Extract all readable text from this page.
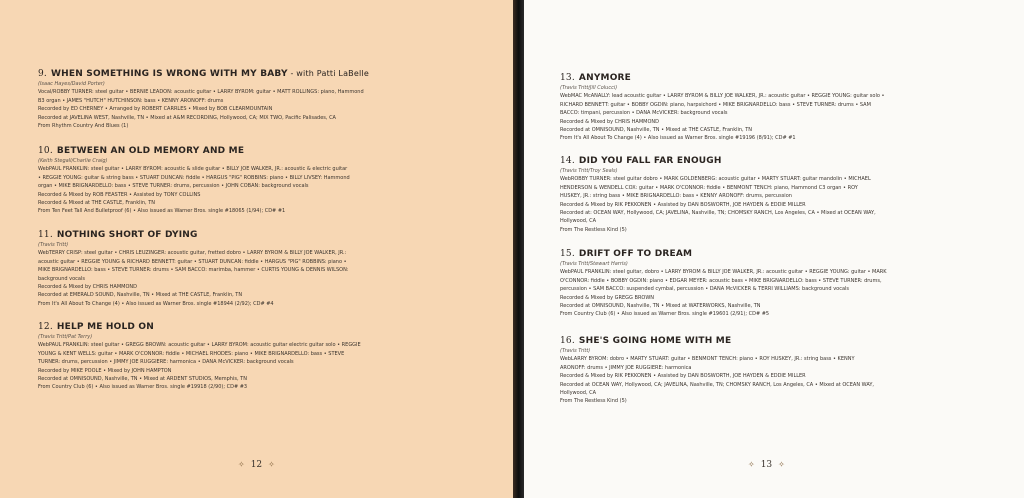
9. WHEN SOMETHING IS WRONG WITH MY BABY - with Patti LaBelle
(Isaac Hayes/David Porter)
Vocal/ROBBY TURNER: steel guitar • BERNIE LEADON: acoustic guitar • LARRY BYROM: guitar • MATT ROLLINGS: piano, Hammond
B3 organ • JAMES "HUTCH" HUTCHINSON: bass • KENNY ARONOFF: drums
Recorded by ED CHERNEY • Arranged by ROBERT CARRLES • Mixed by BOB CLEARMOUNTAIN
Recorded at JAVELINA WEST, Nashville, TN • Mixed at A&M RECORDING, Hollywood, CA; MIX TWO, Pacific Palisades, CA
From Rhythm Country And Blues (1)
10. BETWEEN AN OLD MEMORY AND ME
(Keith Stegall/Charlie Craig)
WebPAUL FRANKLIN: steel guitar • LARRY BYROM: acoustic & slide guitar • BILLY JOE WALKER, JR.: acoustic & electric guitar
• REGGIE YOUNG: guitar & string bass • STUART DUNCAN: fiddle • HARGUS "PIG" ROBBINS: piano • BILLY LIVSEY: Hammond
organ • MIKE BRIGNARDELLO: bass • STEVE TURNER: drums, percussion • JOHN COBAN: background vocals
Recorded & Mixed by ROB FEASTER • Assisted by TONY COLLINS
Recorded & Mixed at THE CASTLE, Franklin, TN
From Ten Feet Tall And Bulletproof (6) • Also issued as Warner Bros. single #18065 (1/94); CD# #1
11. NOTHING SHORT OF DYING
(Travis Tritt)
WebTERRY CRISP: steel guitar • CHRIS LEUZINGER: acoustic guitar, fretted dobro • LARRY BYROM & BILLY JOE WALKER, JR.:
acoustic guitar • REGGIE YOUNG & RICHARD BENNETT: guitar • STUART DUNCAN: fiddle • HARGUS "PIG" ROBBINS: piano •
MIKE BRIGNARDELLO: bass • STEVE TURNER: drums • SAM BACCO: marimba, hammer • CURTIS YOUNG & DENNIS WILSON:
background vocals
Recorded & Mixed by CHRIS HAMMOND
Recorded at EMERALD SOUND, Nashville, TN • Mixed at THE CASTLE, Franklin, TN
From It's All About To Change (4) • Also issued as Warner Bros. single #18944 (2/92); CD# #4
12. HELP ME HOLD ON
(Travis Tritt/Pat Terry)
WebPAUL FRANKLIN: steel guitar • GREGG BROWN: acoustic guitar • LARRY BYROM: acoustic guitar electric guitar solo • REGGIE
YOUNG & KENT WELLS: guitar • MARK O'CONNOR: fiddle • MICHAEL RHODES: piano • MIKE BRIGNARDELLO: bass • STEVE
TURNER: drums, percussion • JIMMY JOE RUGGIERE: harmonica • DANA McVICKER: background vocals
Recorded by MIKE POOLE • Mixed by JOHN HAMPTON
Recorded at OMNISOUND, Nashville, TN • Mixed at ARDENT STUDIOS, Memphis, TN
From Country Club (6) • Also issued as Warner Bros. single #19918 (2/90); CD# #3
✧ 12 ✧
13. ANYMORE
(Travis Tritt/Jill Colucci)
WebMAC McANALLY: lead acoustic guitar • LARRY BYROM & BILLY JOE WALKER, JR.: acoustic guitar • REGGIE YOUNG: guitar solo •
RICHARD BENNETT: guitar • BOBBY OGDIN: piano, harpsichord • MIKE BRIGNARDELLO: bass • STEVE TURNER: drums • SAM
BACCO: timpani, percussion • DANA McVICKER: background vocals
Recorded & Mixed by CHRIS HAMMOND
Recorded at OMNISOUND, Nashville, TN • Mixed at THE CASTLE, Franklin, TN
From It's All About To Change (4) • Also issued as Warner Bros. single #19196 (8/91); CD# #1
14. DID YOU FALL FAR ENOUGH
(Travis Tritt/Troy Seals)
WebROBBY TURNER: steel guitar dobro • MARK GOLDENBERG: acoustic guitar • MARTY STUART: guitar mandolin • MICHAEL
HENDERSON & WENDELL COX: guitar • MARK O'CONNOR: fiddle • BENMONT TENCH: piano, Hammond C3 organ • ROY
HUSKEY, JR.: string bass • MIKE BRIGNARDELLO: bass • KENNY ARONOFF: drums, percussion
Recorded & Mixed by RIK PEKKONEN • Assisted by DAN BOSWORTH, JOE HAYDEN & EDDIE MILLER
Recorded at: OCEAN WAY, Hollywood, CA; JAVELINA, Nashville, TN; CHOMSKY RANCH, Los Angeles, CA • Mixed at OCEAN WAY,
Hollywood, CA
From The Restless Kind (5)
15. DRIFT OFF TO DREAM
(Travis Tritt/Stewart Harris)
WebPAUL FRANKLIN: steel guitar, dobro • LARRY BYROM & BILLY JOE WALKER, JR.: acoustic guitar • REGGIE YOUNG: guitar • MARK
O'CONNOR: fiddle • BOBBY OGDIN: piano • EDGAR MEYER: acoustic bass • MIKE BRIGNARDELLO: bass • STEVE TURNER: drums,
percussion • SAM BACCO: suspended cymbal, percussion • DANA McVICKER & TERRI WILLIAMS: background vocals
Recorded & Mixed by GREGG BROWN
Recorded at OMNISOUND, Nashville, TN • Mixed at WATERWORKS, Nashville, TN
From Country Club (6) • Also issued as Warner Bros. single #19601 (2/91); CD# #5
16. SHE'S GOING HOME WITH ME
(Travis Tritt)
WebLARRY BYROM: dobro • MARTY STUART: guitar • BENMONT TENCH: piano • ROY HUSKEY, JR.: string bass • KENNY
ARONOFF: drums • JIMMY JOE RUGGIERE: harmonica
Recorded & Mixed by RIK PEKKONEN • Assisted by DAN BOSWORTH, JOE HAYDEN & EDDIE MILLER
Recorded at OCEAN WAY, Hollywood, CA; JAVELINA, Nashville, TN; CHOMSKY RANCH, Los Angeles, CA • Mixed at OCEAN WAY,
Hollywood, CA
From The Restless Kind (5)
✧ 13 ✧
